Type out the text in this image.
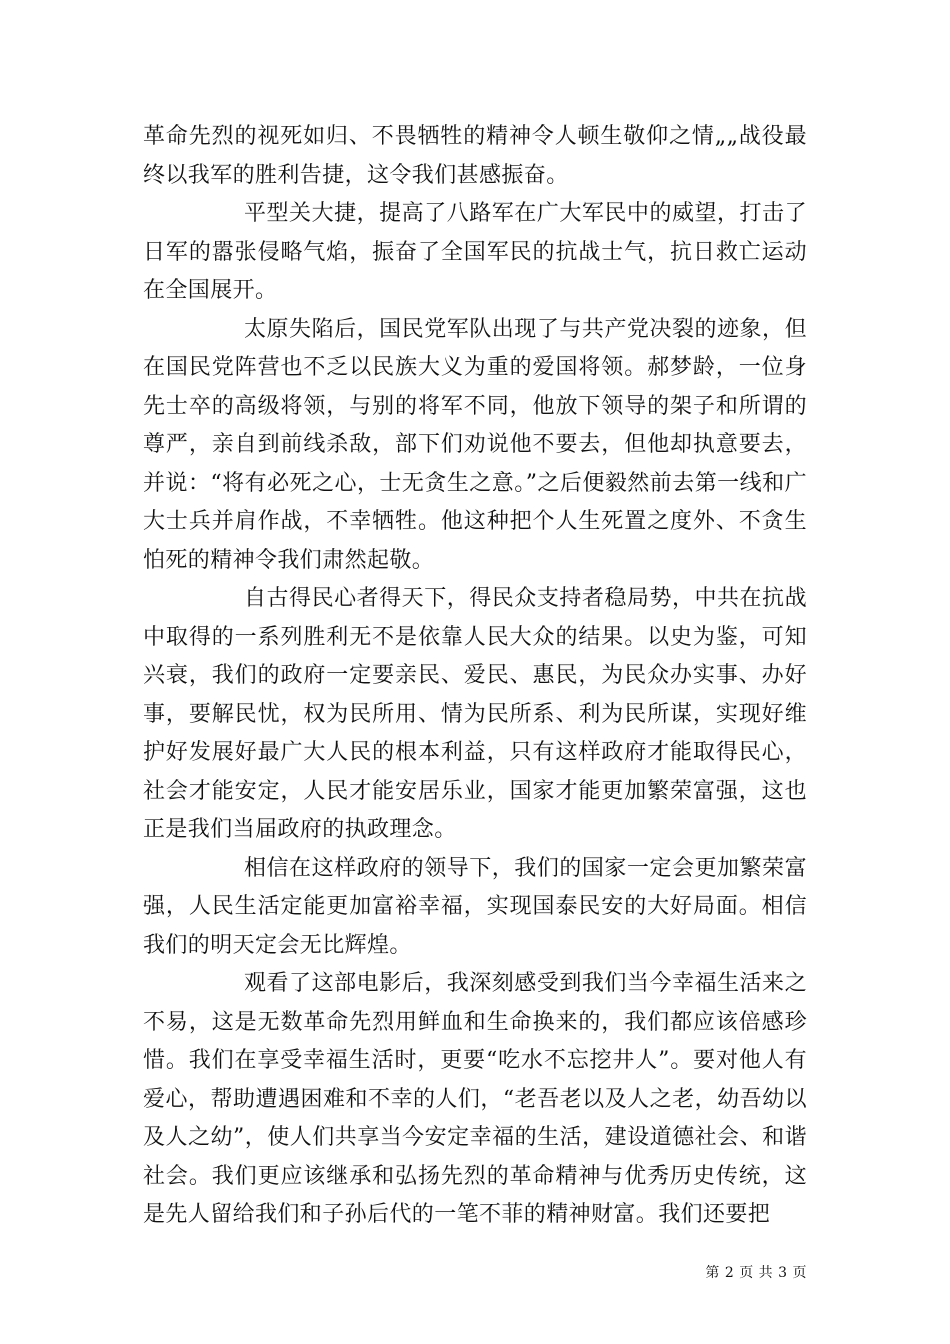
革命先烈的视死如归、不畏牺牲的精神令人顿生敬仰之情„„战役最终以我军的胜利告捷，这令我们甚感振奋。

平型关大捷，提高了八路军在广大军民中的威望，打击了日军的嚣张侵略气焰，振奋了全国军民的抗战士气，抗日救亡运动在全国展开。

太原失陷后，国民党军队出现了与共产党决裂的迹象，但在国民党阵营也不乏以民族大义为重的爱国将领。郝梦龄，一位身先士卒的高级将领，与别的将军不同，他放下领导的架子和所谓的尊严，亲自到前线杀敌，部下们劝说他不要去，但他却执意要去，并说：“将有必死之心，士无贪生之意。”之后便毅然前去第一线和广大士兵并肩作战，不幸牺牲。他这种把个人生死置之度外、不贪生怕死的精神令我们肃然起敬。

自古得民心者得天下，得民众支持者稳局势，中共在抗战中取得的一系列胜利无不是依靠人民大众的结果。以史为鉴，可知兴衰，我们的政府一定要亲民、爱民、惠民，为民众办实事、办好事，要解民忧，权为民所用、情为民所系、利为民所谋，实现好维护好发展好最广大人民的根本利益，只有这样政府才能取得民心，社会才能安定，人民才能安居乐业，国家才能更加繁荣富强，这也正是我们当届政府的执政理念。

相信在这样政府的领导下，我们的国家一定会更加繁荣富强，人民生活定能更加富裕幸福，实现国泰民安的大好局面。相信我们的明天定会无比辉煌。

观看了这部电影后，我深刻感受到我们当今幸福生活来之不易，这是无数革命先烈用鲜血和生命换来的，我们都应该倍感珍惜。我们在享受幸福生活时，更要“吃水不忘挖井人”。要对他人有爱心，帮助遭遇困难和不幸的人们，“老吾老以及人之老，幼吾幼以及人之幼”，使人们共享当今安定幸福的生活，建设道德社会、和谐社会。我们更应该继承和弘扬先烈的革命精神与优秀历史传统，这是先人留给我们和子孙后代的一笔不菲的精神财富。我们还要把

第 2 页 共 3 页
